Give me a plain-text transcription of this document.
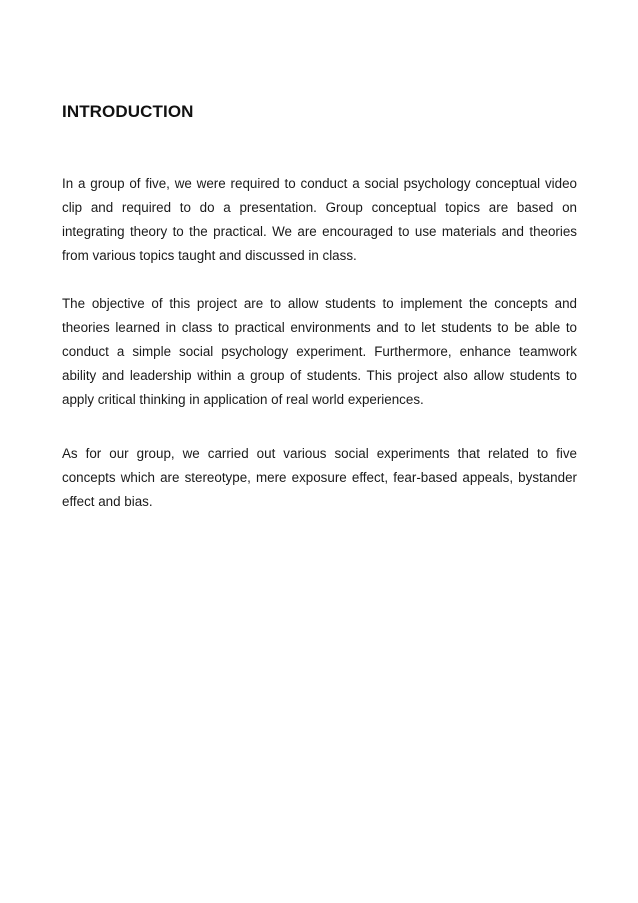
INTRODUCTION

In a group of five, we were required to conduct a social psychology conceptual video clip and required to do a presentation. Group conceptual topics are based on integrating theory to the practical. We are encouraged to use materials and theories from various topics taught and discussed in class.

The objective of this project are to allow students to implement the concepts and theories learned in class to practical environments and to let students to be able to conduct a simple social psychology experiment. Furthermore, enhance teamwork ability and leadership within a group of students. This project also allow students to apply critical thinking in application of real world experiences.

As for our group, we carried out various social experiments that related to five concepts which are stereotype, mere exposure effect, fear-based appeals, bystander effect and bias.
